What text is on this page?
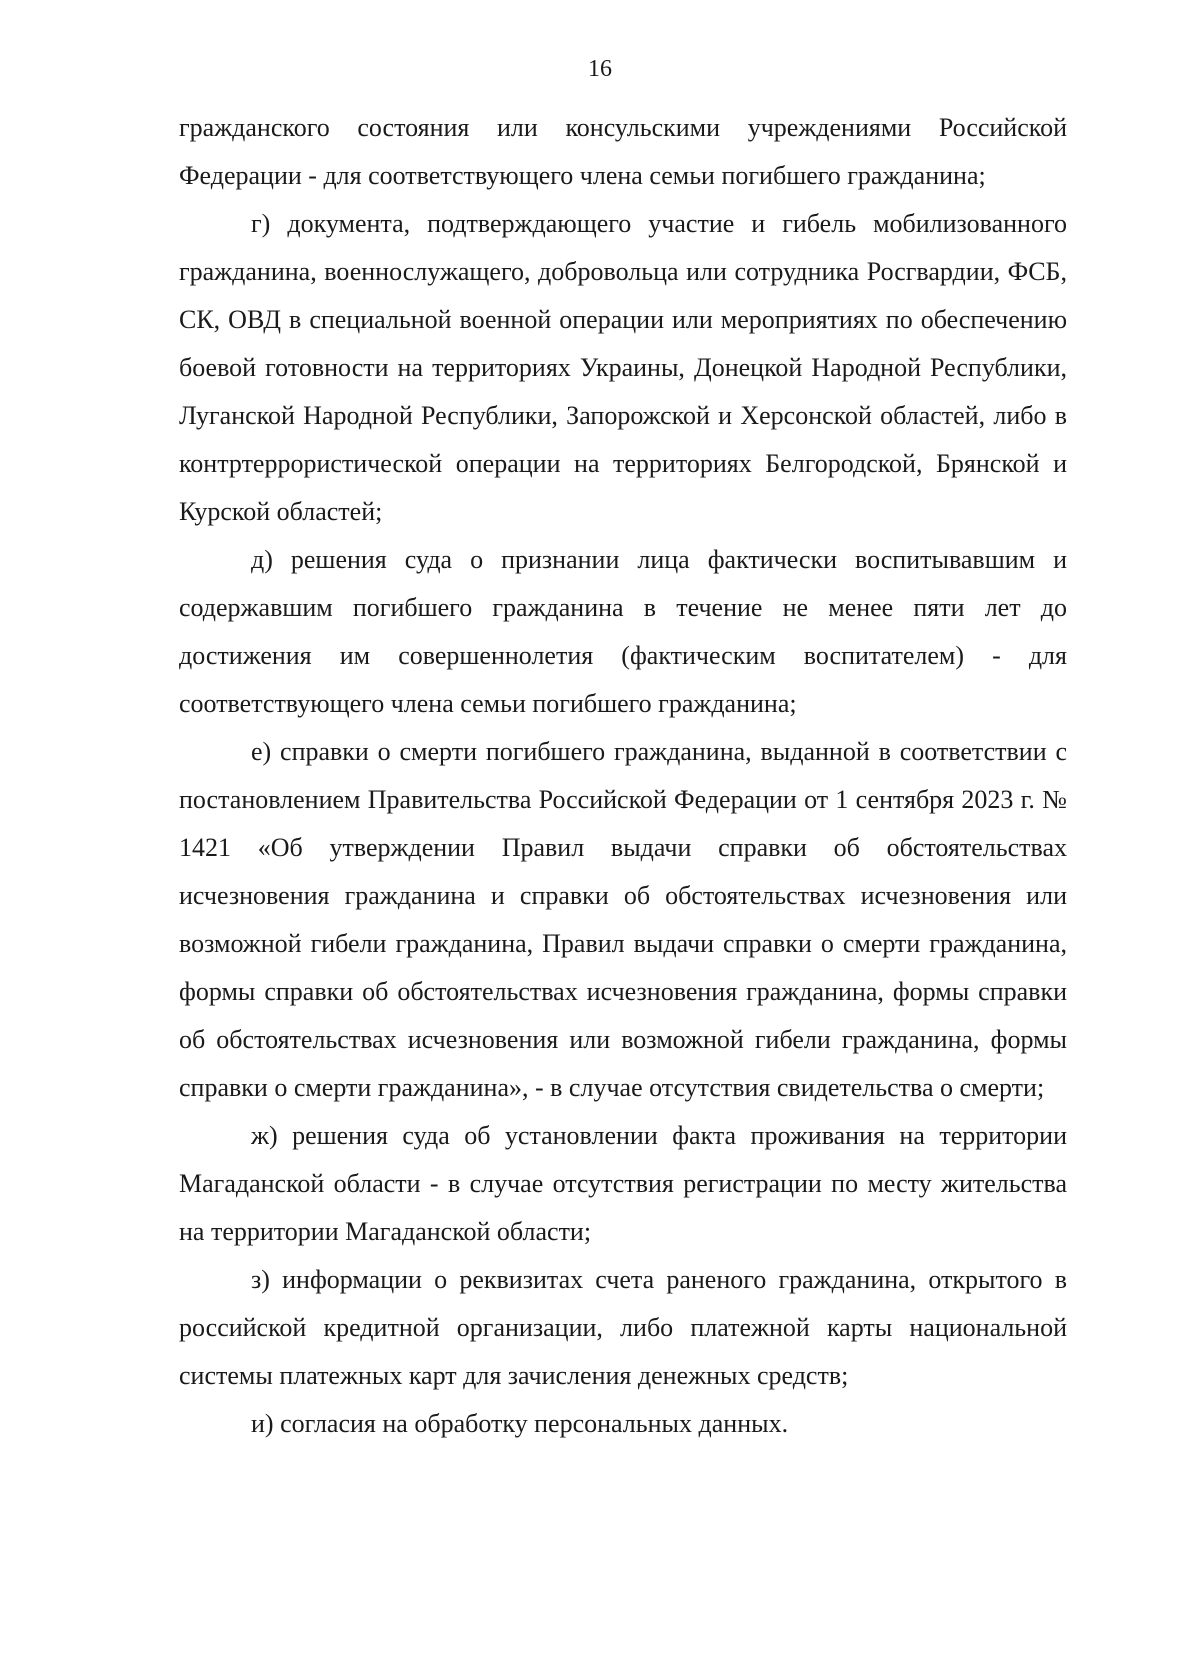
16

гражданского состояния или консульскими учреждениями Российской Федерации - для соответствующего члена семьи погибшего гражданина;

г) документа, подтверждающего участие и гибель мобилизованного гражданина, военнослужащего, добровольца или сотрудника Росгвардии, ФСБ, СК, ОВД в специальной военной операции или мероприятиях по обеспечению боевой готовности на территориях Украины, Донецкой Народной Республики, Луганской Народной Республики, Запорожской и Херсонской областей, либо в контртеррористической операции на территориях Белгородской, Брянской и Курской областей;

д) решения суда о признании лица фактически воспитывавшим и содержавшим погибшего гражданина в течение не менее пяти лет до достижения им совершеннолетия (фактическим воспитателем) - для соответствующего члена семьи погибшего гражданина;

е) справки о смерти погибшего гражданина, выданной в соответствии с постановлением Правительства Российской Федерации от 1 сентября 2023 г. № 1421 «Об утверждении Правил выдачи справки об обстоятельствах исчезновения гражданина и справки об обстоятельствах исчезновения или возможной гибели гражданина, Правил выдачи справки о смерти гражданина, формы справки об обстоятельствах исчезновения гражданина, формы справки об обстоятельствах исчезновения или возможной гибели гражданина, формы справки о смерти гражданина», - в случае отсутствия свидетельства о смерти;

ж) решения суда об установлении факта проживания на территории Магаданской области - в случае отсутствия регистрации по месту жительства на территории Магаданской области;

з) информации о реквизитах счета раненого гражданина, открытого в российской кредитной организации, либо платежной карты национальной системы платежных карт для зачисления денежных средств;

и) согласия на обработку персональных данных.
